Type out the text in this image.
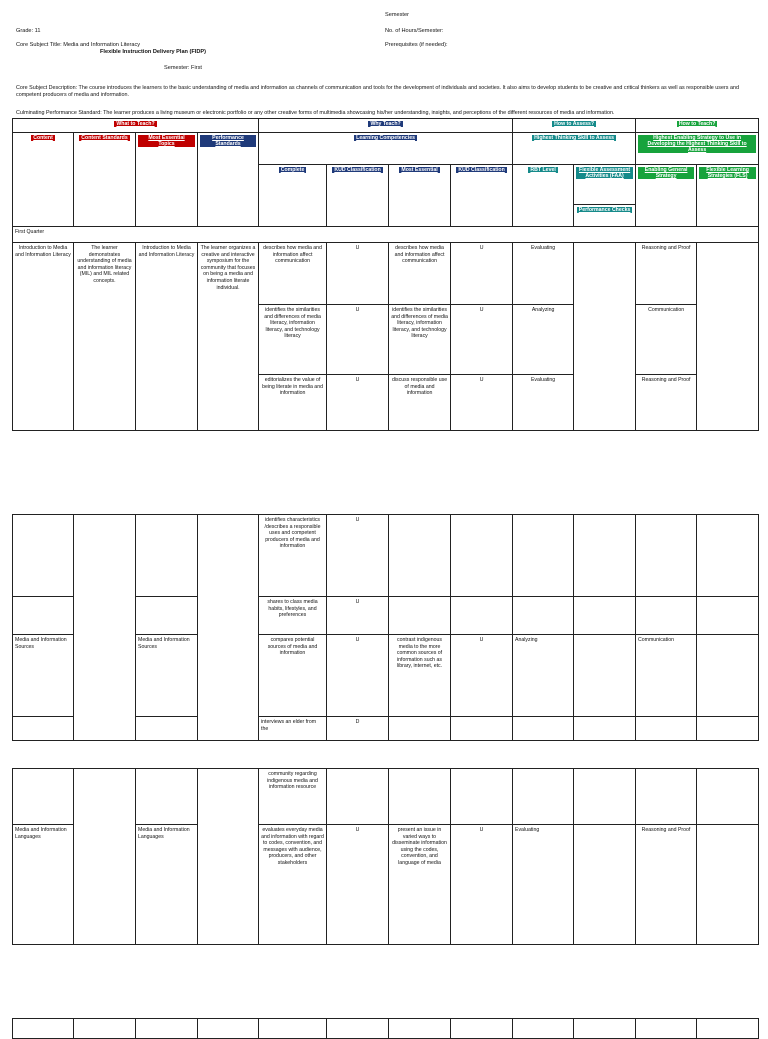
Semester
Grade: 11	No. of Hours/Semester:
Core Subject Title: Media and Information Literacy	Prerequisites (if needed):
Flexible Instruction Delivery Plan (FIDP)
Semester: First
Core Subject Description: The course introduces the learners to the basic understanding of media and information as channels of communication and tools for the development of individuals and societies. It also aims to develop students to be creative and critical thinkers as well as responsible users and competent producers of media and information.
Culminating Performance Standard: The learner produces a living museum or electronic portfolio or any other creative forms of multimedia showcasing his/her understanding, insights, and perceptions of the different resources of media and information.
What to Teach?				Why Teach?				How to Assess?		How to Teach?	
Content	Content Standards	Most Essential Topics	Performance Standards	Learning Competencies				Highest Thinking Skill to Assess		Highest Enabling Strategy to Use in Developing the Highest Thinking Skill to Assess	
				Complete	KUD Classification	Most Essential	KUD Classification	RBT Level	Flexible Assessment Activities (FAA)	Enabling General Strategy	Flexible Learning Strategies (FLS)
									Performance Checks		
First Quarter											
Introduction to Media and Information Literacy	The learner demonstrates understanding of media and information literacy (MIL) and MIL related concepts.	Introduction to Media and Information Literacy	The learner organizes a creative and interactive symposium for the community that focuses on being a media and information literate individual.	describes how media and information affect communication	U	describes how media and information affect communication	U	Evaluating		Reasoning and Proof	
				identifies the similarities and differences of media literacy, information literacy, and technology literacy	U	identifies the similarities and differences of media literacy, information literacy, and technology literacy	U	Analyzing		Communication	
				editorializes the value of being literate in media and information	U	discuss responsible use of media and information	U	Evaluating		Reasoning and Proof	
				identifies characteristics /describes a responsible uses and competent producers of media and information	U						
				shares to class media habits, lifestyles, and preferences	U						
Media and Information Sources		Media and Information Sources		compares potential sources of media and information	U	contrast indigenous media to the more common sources of information such as library, internet, etc.	U	Analyzing		Communication	
				interviews an elder from the	D						
				community regarding indigenous media and information resource							
Media and Information Languages		Media and Information Languages		evaluates everyday media and information with regard to codes, convention, and messages with audience, producers, and other stakeholders	U	present an issue in varied ways to disseminate information using the codes, convention, and language of media	U	Evaluating		Reasoning and Proof	
